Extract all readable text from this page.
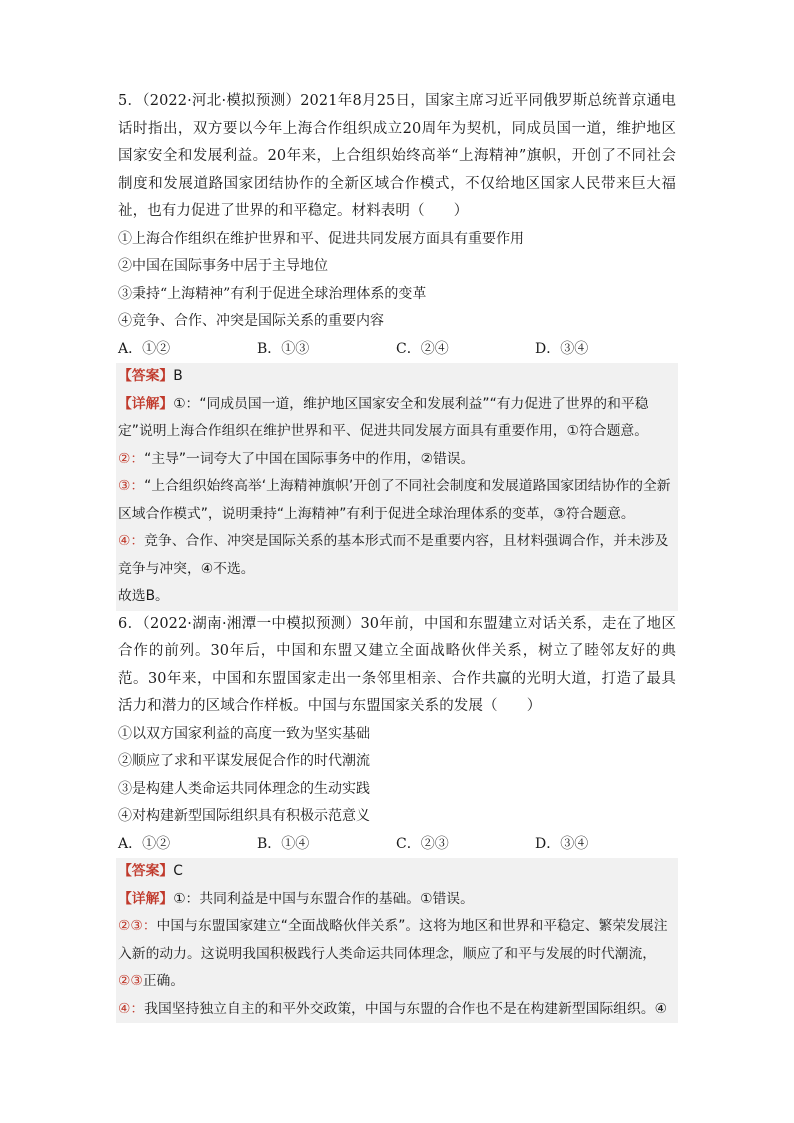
5．（2022·河北·模拟预测）2021年8月25日，国家主席习近平同俄罗斯总统普京通电话时指出，双方要以今年上海合作组织成立20周年为契机，同成员国一道，维护地区国家安全和发展利益。20年来，上合组织始终高举“上海精神”旗帜，开创了不同社会制度和发展道路国家团结协作的全新区域合作模式，不仅给地区国家人民带来巨大福祉，也有力促进了世界的和平稳定。材料表明（　　）

①上海合作组织在维护世界和平、促进共同发展方面具有重要作用

②中国在国际事务中居于主导地位

③秉持“上海精神”有利于促进全球治理体系的变革

④竞争、合作、冲突是国际关系的重要内容

A．①②	B．①③	C．②④	D．③④

【答案】B

【详解】①：“同成员国一道，维护地区国家安全和发展利益”“有力促进了世界的和平稳定”说明上海合作组织在维护世界和平、促进共同发展方面具有重要作用，①符合题意。

②：“主导”一词夸大了中国在国际事务中的作用，②错误。

③：“上合组织始终高举‘上海精神旗帜’开创了不同社会制度和发展道路国家团结协作的全新区域合作模式”，说明秉持“上海精神”有利于促进全球治理体系的变革，③符合题意。

④：竞争、合作、冲突是国际关系的基本形式而不是重要内容，且材料强调合作，并未涉及竞争与冲突，④不选。

故选B。

6．（2022·湖南·湘潭一中模拟预测）30年前，中国和东盟建立对话关系，走在了地区合作的前列。30年后，中国和东盟又建立全面战略伙伴关系，树立了睦邻友好的典范。30年来，中国和东盟国家走出一条邻里相亲、合作共赢的光明大道，打造了最具活力和潜力的区域合作样板。中国与东盟国家关系的发展（　　）

①以双方国家利益的高度一致为坚实基础

②顺应了求和平谋发展促合作的时代潮流

③是构建人类命运共同体理念的生动实践

④对构建新型国际组织具有积极示范意义

A．①②	B．①④	C．②③	D．③④

【答案】C

【详解】①：共同利益是中国与东盟合作的基础。①错误。

②③：中国与东盟国家建立“全面战略伙伴关系”。这将为地区和世界和平稳定、繁荣发展注入新的动力。这说明我国积极践行人类命运共同体理念，顺应了和平与发展的时代潮流，②③正确。

④：我国坚持独立自主的和平外交政策，中国与东盟的合作也不是在构建新型国际组织。④
